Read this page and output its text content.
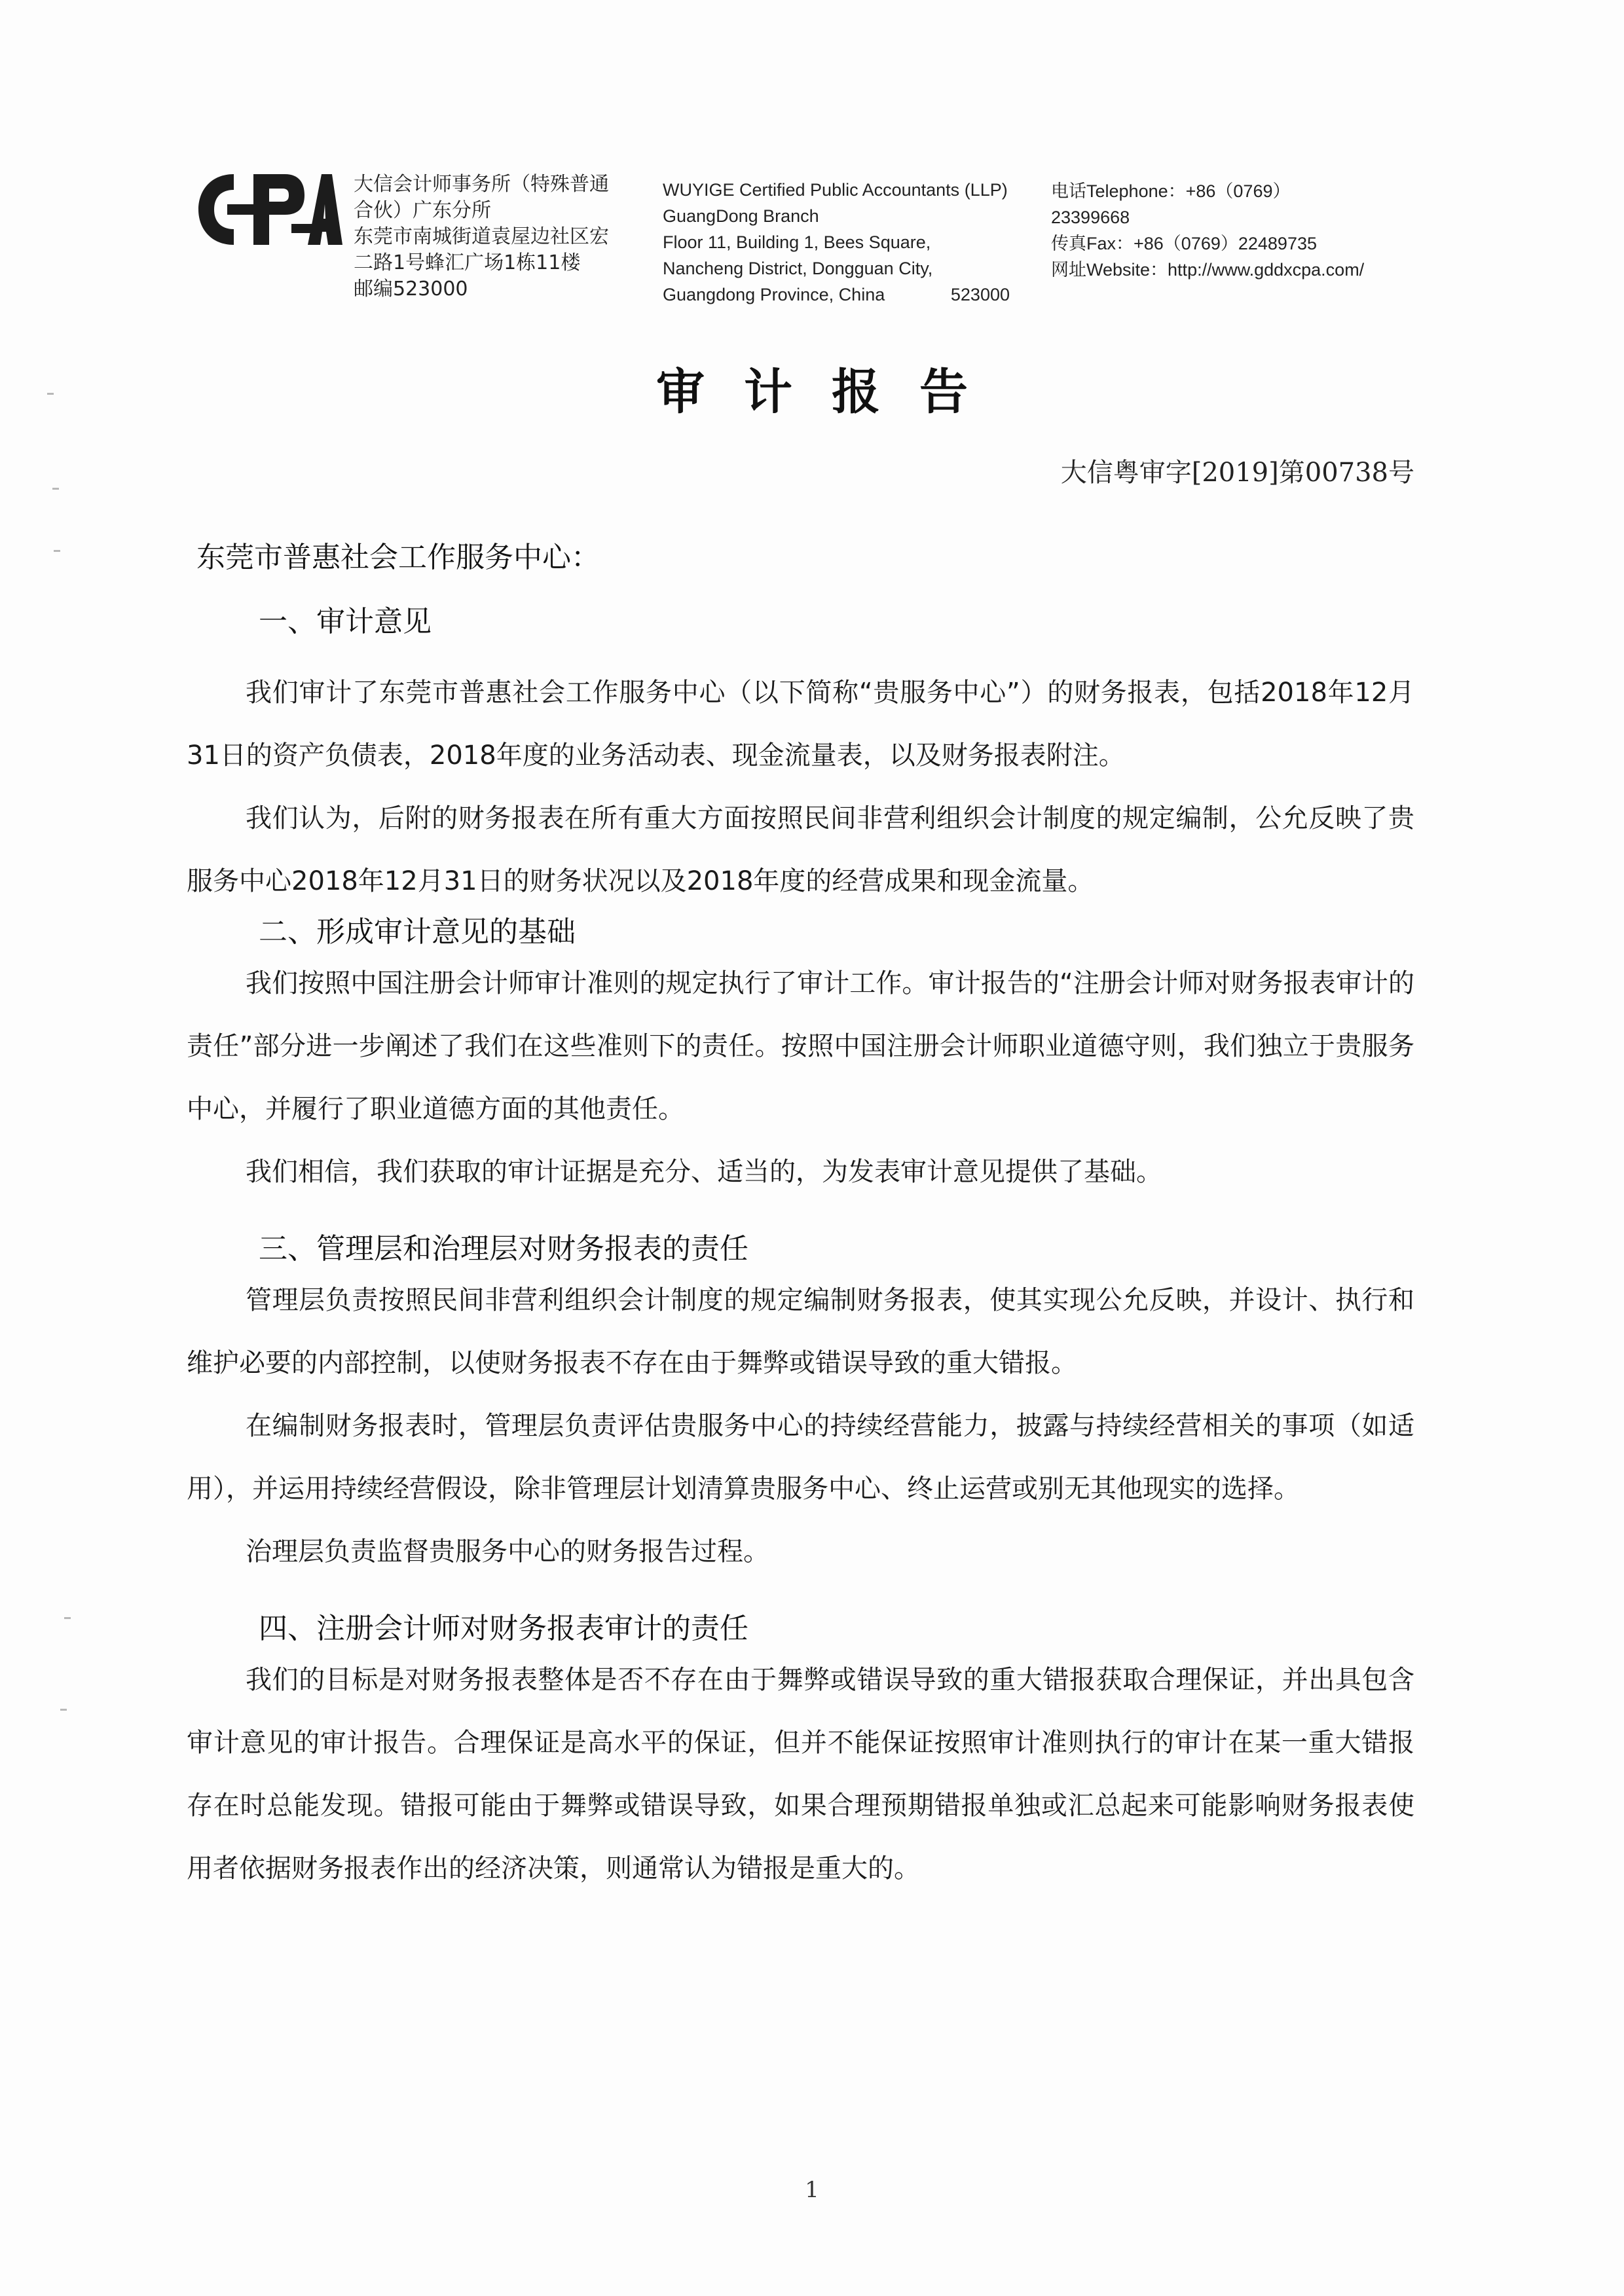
大信会计师事务所（特殊普通
合伙）广东分所
东莞市南城街道袁屋边社区宏
二路1号蜂汇广场1栋11楼
邮编523000
WUYIGE Certified Public Accountants (LLP)
GuangDong Branch
Floor 11, Building 1, Bees Square,
Nancheng District, Dongguan City,
Guangdong Province, China	523000
电话Telephone：+86（0769）
23399668
传真Fax：+86（0769）22489735
网址Website：http://www.gddxcpa.com/
审计报告
大信粤审字[2019]第00738号
东莞市普惠社会工作服务中心：
一、审计意见

我们审计了东莞市普惠社会工作服务中心（以下简称“贵服务中心”）的财务报表，包括2018年12月31日的资产负债表，2018年度的业务活动表、现金流量表，以及财务报表附注。

我们认为，后附的财务报表在所有重大方面按照民间非营利组织会计制度的规定编制，公允反映了贵服务中心2018年12月31日的财务状况以及2018年度的经营成果和现金流量。

二、形成审计意见的基础

我们按照中国注册会计师审计准则的规定执行了审计工作。审计报告的“注册会计师对财务报表审计的责任”部分进一步阐述了我们在这些准则下的责任。按照中国注册会计师职业道德守则，我们独立于贵服务中心，并履行了职业道德方面的其他责任。

我们相信，我们获取的审计证据是充分、适当的，为发表审计意见提供了基础。

三、管理层和治理层对财务报表的责任

管理层负责按照民间非营利组织会计制度的规定编制财务报表，使其实现公允反映，并设计、执行和维护必要的内部控制，以使财务报表不存在由于舞弊或错误导致的重大错报。

在编制财务报表时，管理层负责评估贵服务中心的持续经营能力，披露与持续经营相关的事项（如适用），并运用持续经营假设，除非管理层计划清算贵服务中心、终止运营或别无其他现实的选择。

治理层负责监督贵服务中心的财务报告过程。

四、注册会计师对财务报表审计的责任

我们的目标是对财务报表整体是否不存在由于舞弊或错误导致的重大错报获取合理保证，并出具包含审计意见的审计报告。合理保证是高水平的保证，但并不能保证按照审计准则执行的审计在某一重大错报存在时总能发现。错报可能由于舞弊或错误导致，如果合理预期错报单独或汇总起来可能影响财务报表使用者依据财务报表作出的经济决策，则通常认为错报是重大的。

1
